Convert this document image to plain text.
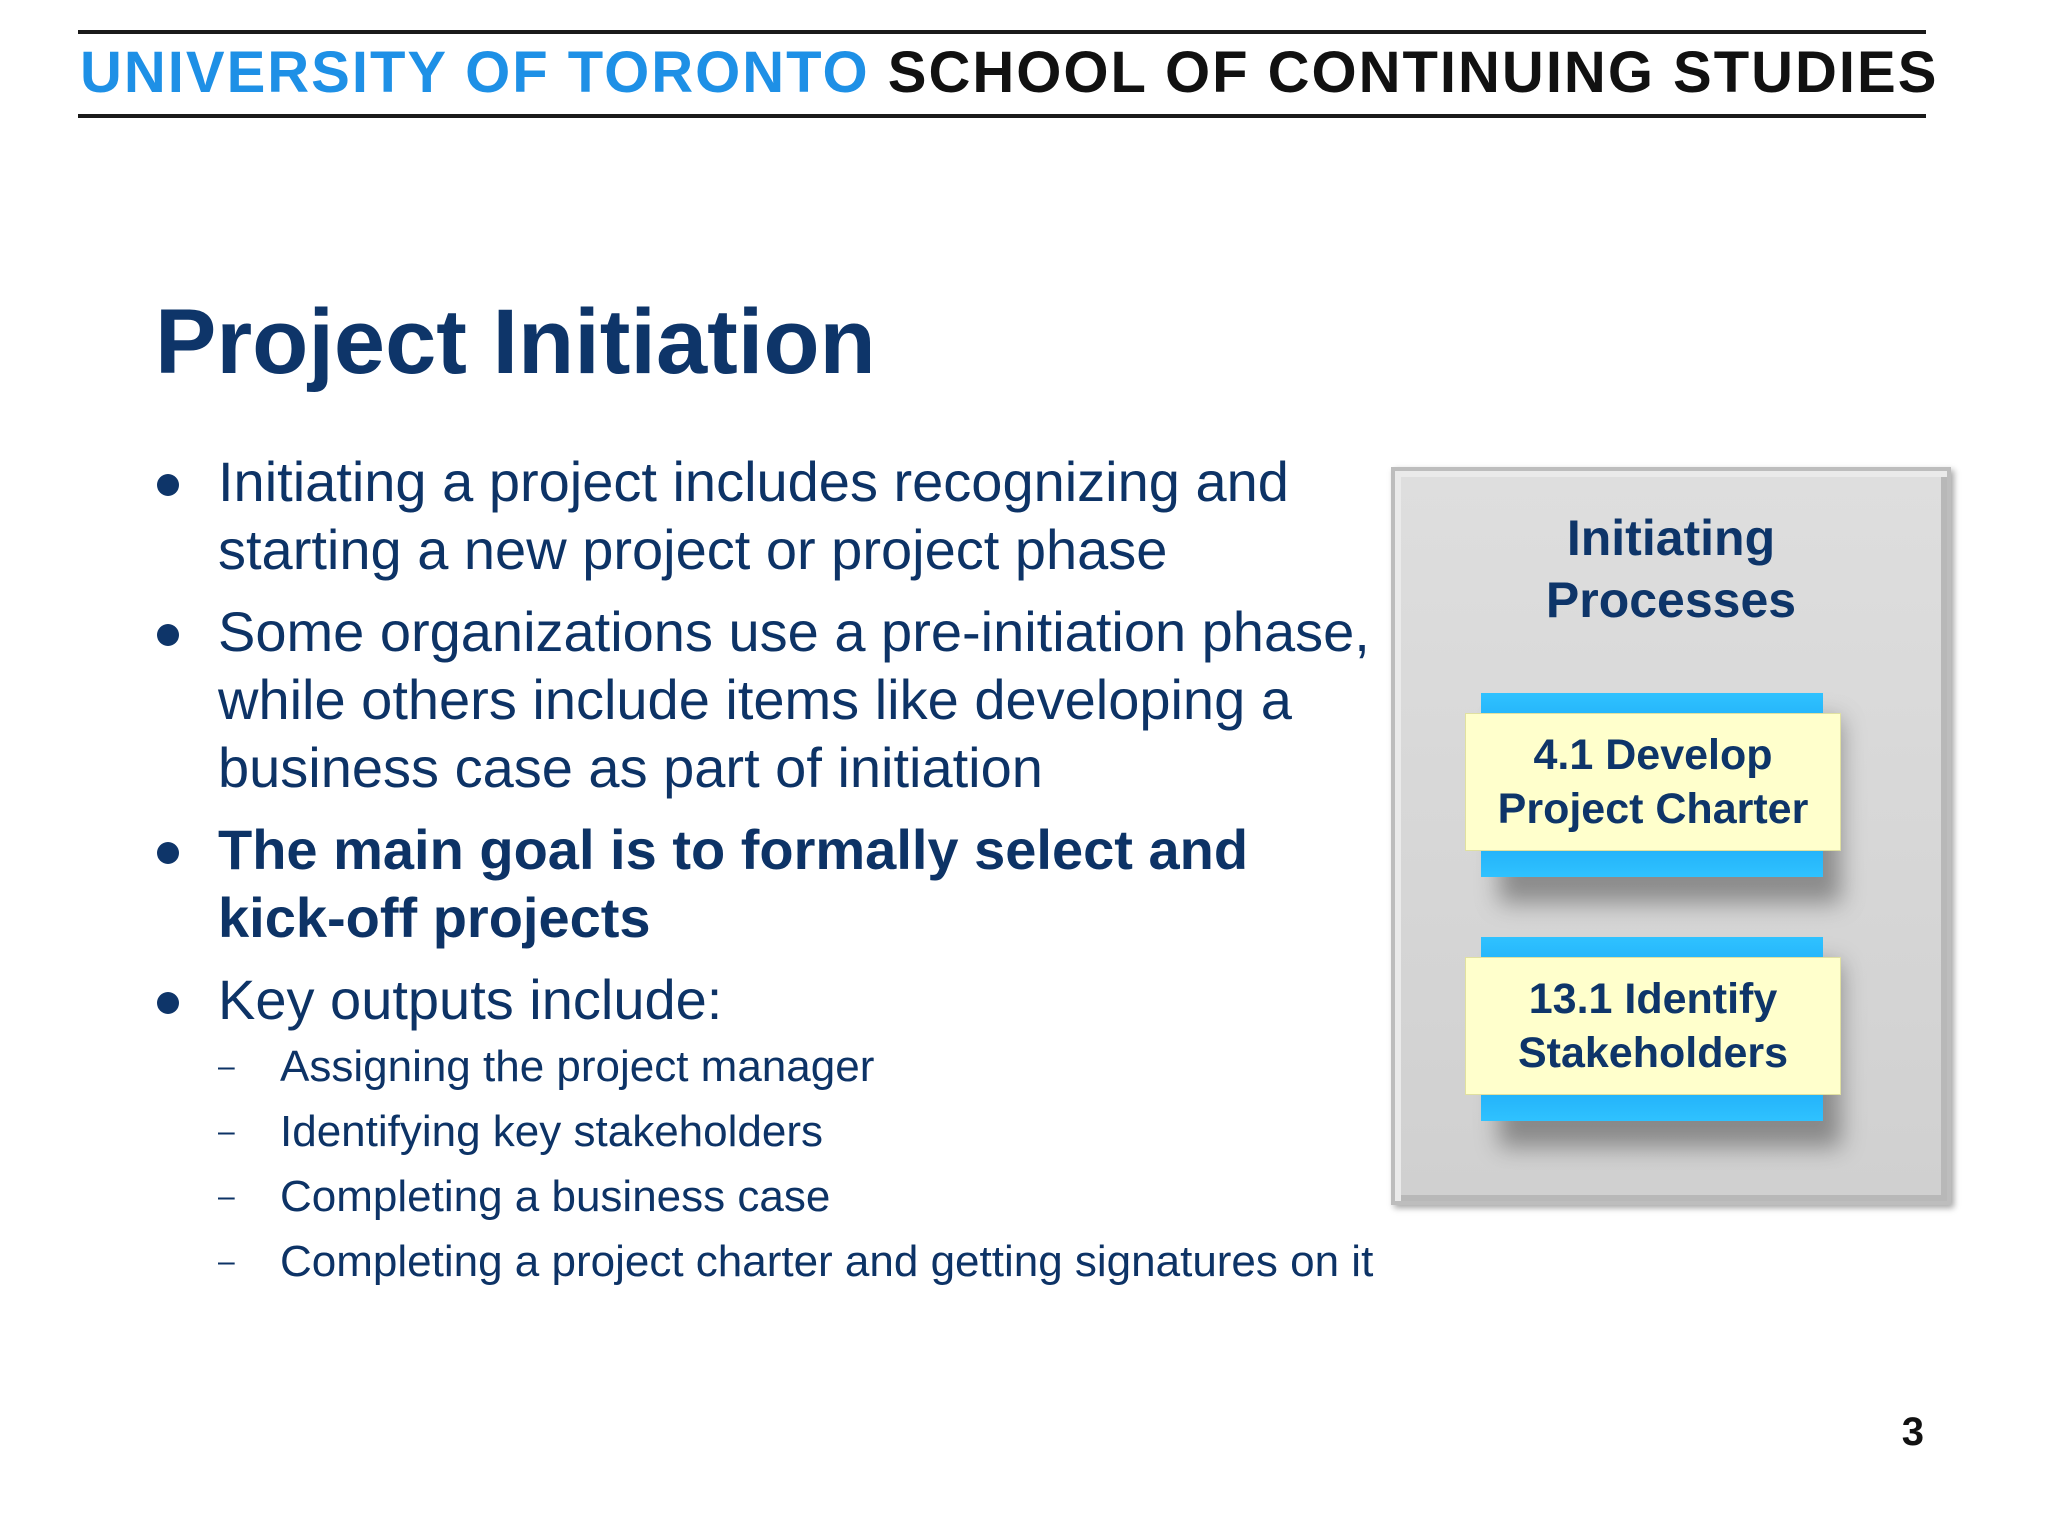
UNIVERSITY OF TORONTO SCHOOL OF CONTINUING STUDIES
Project Initiation
Initiating a project includes recognizing and starting a new project or project phase
Some organizations use a pre-initiation phase, while others include items like developing a business case as part of initiation
The main goal is to formally select and kick-off projects
Key outputs include:
– Assigning the project manager
– Identifying key stakeholders
– Completing a business case
– Completing a project charter and getting signatures on it
Initiating
Processes
4.1 Develop
Project Charter
13.1 Identify
Stakeholders
3
